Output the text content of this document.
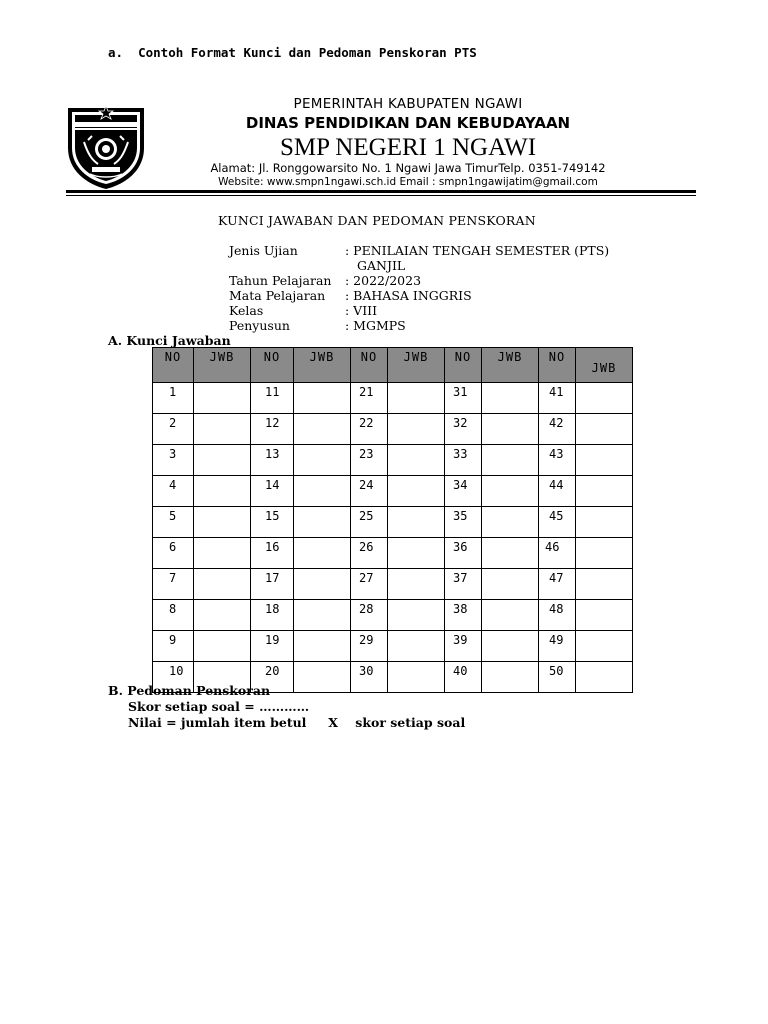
a.  Contoh Format Kunci dan Pedoman Penskoran PTS
PEMERINTAH KABUPATEN NGAWI
DINAS PENDIDIKAN DAN KEBUDAYAAN
SMP NEGERI 1 NGAWI
Alamat: Jl. Ronggowarsito No. 1 Ngawi Jawa TimurTelp. 0351-749142
Website: www.smpn1ngawi.sch.id Email : smpn1ngawijatim@gmail.com
KUNCI JAWABAN DAN PEDOMAN PENSKORAN
Jenis Ujian	: PENILAIAN TENGAH SEMESTER (PTS)
GANJIL
Tahun Pelajaran : 2022/2023
Mata Pelajaran : BAHASA INGGRIS
Kelas	: VIII
Penyusun	: MGMPS
A. Kunci Jawaban
NO	JWB	NO	JWB	NO	JWB	NO	JWB	NO	JWB
1		11		21		31		41	
2		12		22		32		42	
3		13		23		33		43	
4		14		24		34		44	
5		15		25		35		45	
6		16		26		36		46	
7		17		27		37		47	
8		18		28		38		48	
9		19		29		39		49	
10		20		30		40		50	
B. Pedoman Penskoran
Skor setiap soal = …………
Nilai = jumlah item betul     X    skor setiap soal
